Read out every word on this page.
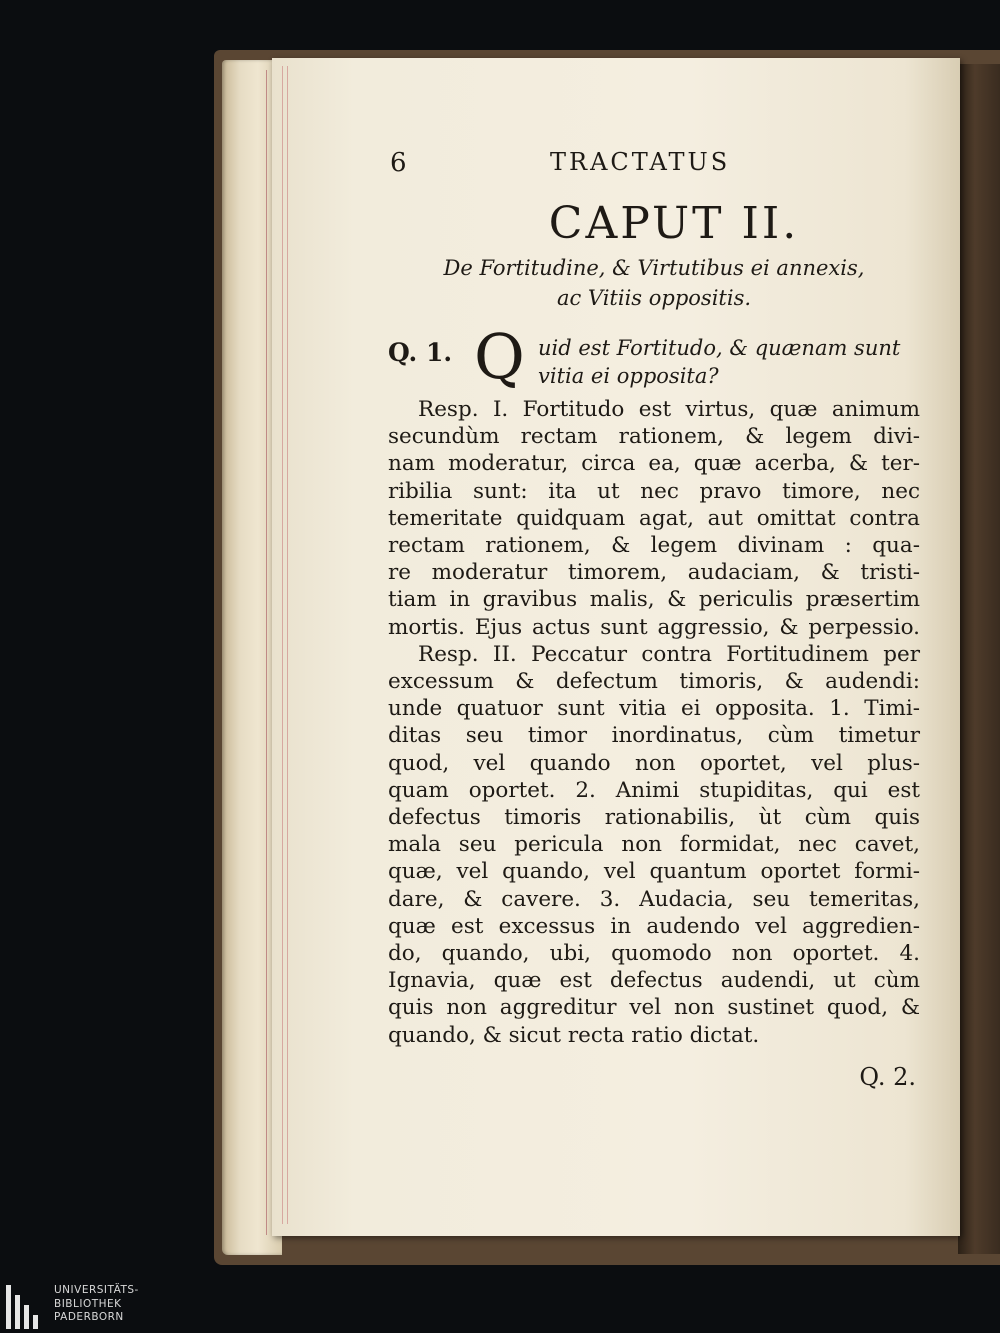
6	TRACTATUS
CAPUT II.
De Fortitudine, & Virtutibus ei annexis,
ac Vitiis oppositis.
Q. 1. Q uid est Fortitudo, & quænam sunt
vitia ei opposita?
Resp. I. Fortitudo est virtus, quæ animum
secundùm rectam rationem, & legem divi-
nam moderatur, circa ea, quæ acerba, & ter-
ribilia sunt: ita ut nec pravo timore, nec
temeritate quidquam agat, aut omittat contra
rectam rationem, & legem divinam : qua-
re moderatur timorem, audaciam, & tristi-
tiam in gravibus malis, & periculis præsertim
mortis. Ejus actus sunt aggressio, & perpessio.
Resp. II. Peccatur contra Fortitudinem per
excessum & defectum timoris, & audendi:
unde quatuor sunt vitia ei opposita. 1. Timi-
ditas seu timor inordinatus, cùm timetur
quod, vel quando non oportet, vel plus-
quam oportet. 2. Animi stupiditas, qui est
defectus timoris rationabilis, ùt cùm quis
mala seu pericula non formidat, nec cavet,
quæ, vel quando, vel quantum oportet formi-
dare, & cavere. 3. Audacia, seu temeritas,
quæ est excessus in audendo vel aggredien-
do, quando, ubi, quomodo non oportet. 4.
Ignavia, quæ est defectus audendi, ut cùm
quis non aggreditur vel non sustinet quod, &
quando, & sicut recta ratio dictat.
Q. 2.
UNIVERSITÄTS-
BIBLIOTHEK
PADERBORN
